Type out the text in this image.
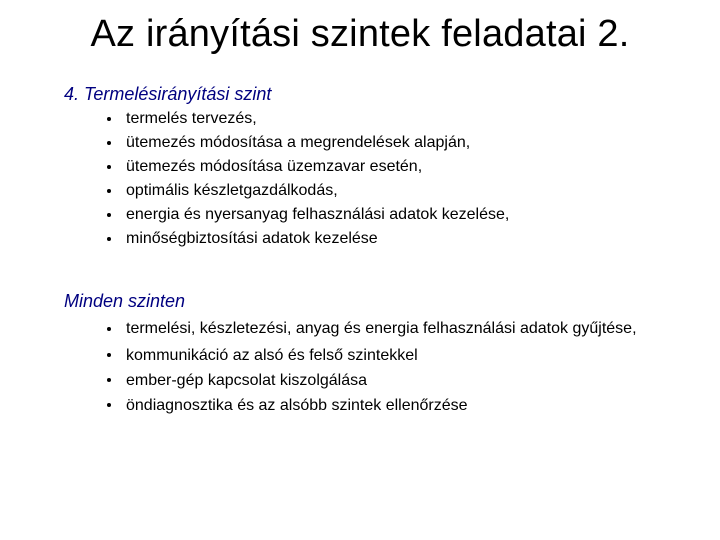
Az irányítási szintek feladatai 2.

4. Termelésirányítási szint

termelés tervezés,
ütemezés módosítása a megrendelések alapján,
ütemezés módosítása üzemzavar esetén,
optimális készletgazdálkodás,
energia és nyersanyag felhasználási adatok kezelése,
minőségbiztosítási adatok kezelése

Minden szinten

termelési, készletezési, anyag és energia felhasználási adatok gyűjtése,
kommunikáció az alsó és felső szintekkel
ember-gép kapcsolat kiszolgálása
öndiagnosztika és az alsóbb szintek ellenőrzése
